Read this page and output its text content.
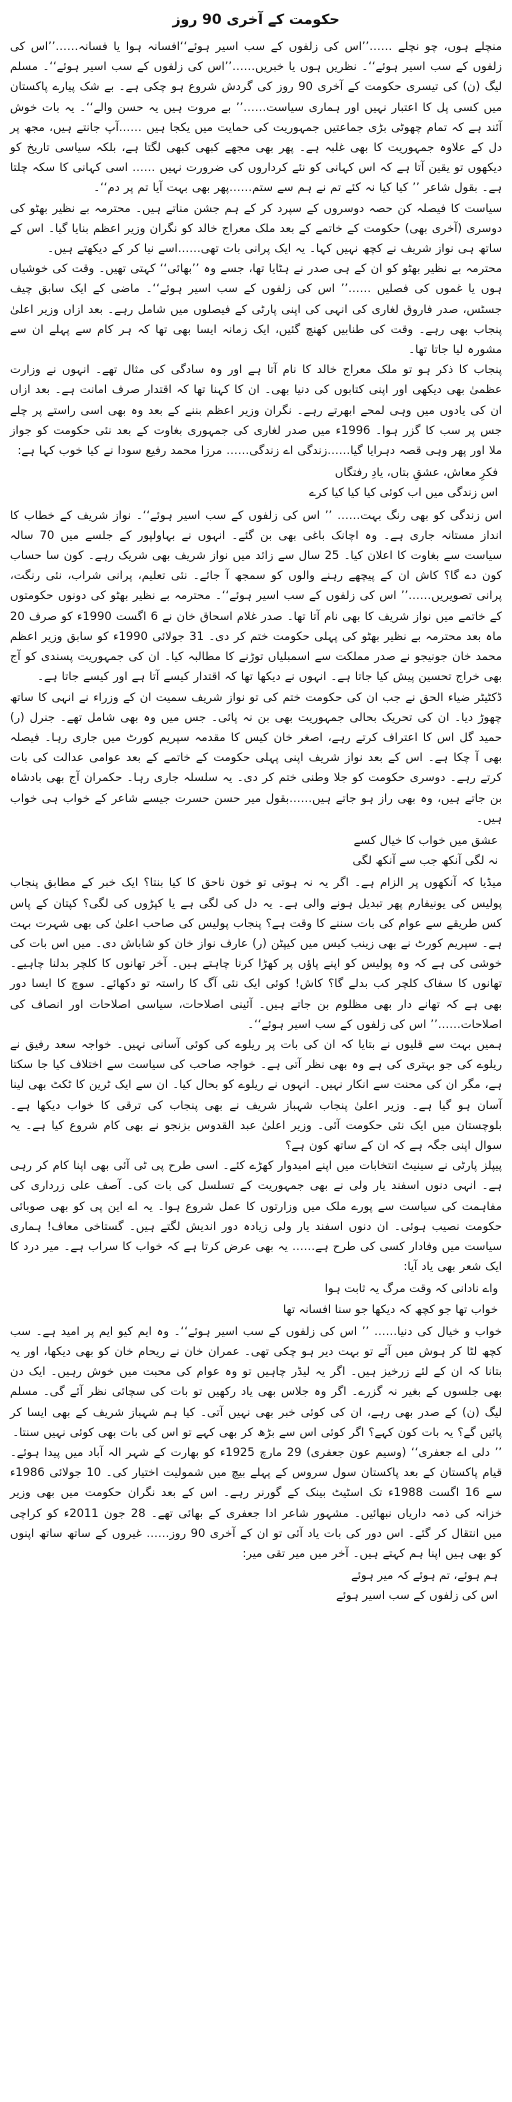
حکومت کے آخری 90 روز

منچلے ہوں، چو نچلے ……’’اس کی زلفوں کے سب اسیر ہوئے‘‘افسانہ ہوا یا فسانہ……’’اس کی زلفوں کے سب اسیر ہوئے‘‘۔ نظریں ہوں یا خبریں……’’اس کی زلفوں کے سب اسیر ہوئے‘‘۔ مسلم لیگ (ن) کی تیسری حکومت کے آخری 90 روز کی گردش شروع ہو چکی ہے۔ بے شک پیارے پاکستان میں کسی پل کا اعتبار نہیں اور ہماری سیاست……’’ بے مروت ہیں یہ حسن والے‘‘۔ یہ بات خوش آئند ہے کہ تمام چھوٹی بڑی جماعتیں جمہوریت کی حمایت میں یکجا ہیں ……آپ جانتے ہیں، مجھ پر دل کے علاوہ جمہوریت کا بھی غلبہ ہے۔ پھر بھی مجھے کبھی کبھی لگتا ہے، بلکہ سیاسی تاریخ کو دیکھوں تو یقین آتا ہے کہ اس کہانی کو نئے کرداروں کی ضرورت نہیں …… اسی کہانی کا سکہ چلتا ہے۔ بقول شاعر ’’ کیا کیا نہ کئے تم نے ہم سے ستم……پھر بھی بہت آیا تم پر دم‘‘۔

سیاست کا فیصلہ کن حصہ دوسروں کے سپرد کر کے ہم جشن مناتے ہیں۔ محترمہ بے نظیر بھٹو کی دوسری (آخری بھی) حکومت کے خاتمے کے بعد ملک معراج خالد کو نگران وزیر اعظم بنایا گیا۔ اس کے ساتھ ہی نواز شریف نے کچھ نہیں کہا۔ یہ ایک پرانی بات تھی……اسے نیا کر کے دیکھتے ہیں۔

محترمہ بے نظیر بھٹو کو ان کے ہی صدر نے ہٹایا تھا، جسے وہ ’’بھائی‘‘ کہتی تھیں۔ وقت کی خوشیاں ہوں یا غموں کی فصلیں ……’’ اس کی زلفوں کے سب اسیر ہوئے‘‘۔ ماضی کے ایک سابق چیف جسٹس، صدر فاروق لغاری کی انہی کی اپنی پارٹی کے فیصلوں میں شامل رہے۔ بعد ازاں وزیر اعلیٰ پنجاب بھی رہے۔ وقت کی طنابیں کھنچ گئیں، ایک زمانہ ایسا بھی تھا کہ ہر کام سے پہلے ان سے مشورہ لیا جاتا تھا۔

پنجاب کا ذکر ہو تو ملک معراج خالد کا نام آتا ہے اور وہ سادگی کی مثال تھے۔ انہوں نے وزارت عظمیٰ بھی دیکھی اور اپنی کتابوں کی دنیا بھی۔ ان کا کہنا تھا کہ اقتدار صرف امانت ہے۔ بعد ازاں ان کی یادوں میں وہی لمحے ابھرتے رہے۔ نگران وزیر اعظم بننے کے بعد وہ بھی اسی راستے پر چلے جس پر سب کا گزر ہوا۔ 1996ء میں صدر لغاری کی جمہوری بغاوت کے بعد نئی حکومت کو جواز ملا اور پھر وہی قصہ دہرایا گیا……زندگی اے زندگی…… مرزا محمد رفیع سودا نے کیا خوب کہا ہے:

فکرِ معاش، عشقِ بتاں، یادِ رفتگاں

اس زندگی میں اب کوئی کیا کیا کیا کرے

اس زندگی کو بھی رنگ بہت…… ’’ اس کی زلفوں کے سب اسیر ہوئے‘‘۔ نواز شریف کے خطاب کا انداز مستانہ جاری ہے۔ وہ اچانک باغی بھی بن گئے۔ انہوں نے بہاولپور کے جلسے میں 70 سالہ سیاست سے بغاوت کا اعلان کیا۔ 25 سال سے زائد میں نواز شریف بھی شریک رہے۔ کون سا حساب کون دے گا؟ کاش ان کے پیچھے رہنے والوں کو سمجھ آ جائے۔ نئی تعلیم، پرانی شراب، نئی رنگت، پرانی تصویریں……’’ اس کی زلفوں کے سب اسیر ہوئے‘‘۔ محترمہ بے نظیر بھٹو کی دونوں حکومتوں کے خاتمے میں نواز شریف کا بھی نام آتا تھا۔ صدر غلام اسحاق خان نے 6 اگست 1990ء کو صرف 20 ماہ بعد محترمہ بے نظیر بھٹو کی پہلی حکومت ختم کر دی۔ 31 جولائی 1990ء کو سابق وزیر اعظم محمد خان جونیجو نے صدر مملکت سے اسمبلیاں توڑنے کا مطالبہ کیا۔ ان کی جمہوریت پسندی کو آج بھی خراج تحسین پیش کیا جاتا ہے۔ انہوں نے دیکھا تھا کہ اقتدار کیسے آتا ہے اور کیسے جاتا ہے۔

ڈکٹیٹر ضیاء الحق نے جب ان کی حکومت ختم کی تو نواز شریف سمیت ان کے وزراء نے انہی کا ساتھ چھوڑ دیا۔ ان کی تحریک بحالی جمہوریت بھی بن نہ پائی۔ جس میں وہ بھی شامل تھے۔ جنرل (ر) حمید گل اس کا اعتراف کرتے رہے، اصغر خان کیس کا مقدمہ سپریم کورٹ میں جاری رہا۔ فیصلہ بھی آ چکا ہے۔ اس کے بعد نواز شریف اپنی پہلی حکومت کے خاتمے کے بعد عوامی عدالت کی بات کرتے رہے۔ دوسری حکومت کو جلا وطنی ختم کر دی۔ یہ سلسلہ جاری رہا۔ حکمران آج بھی بادشاہ بن جاتے ہیں، وہ بھی راز ہو جاتے ہیں……بقول میر حسن حسرت جیسے شاعر کے خواب ہی خواب ہیں۔

عشق میں خواب کا خیال کسے

نہ لگی آنکھ جب سے آنکھ لگی

میڈیا کہ آنکھوں پر الزام ہے۔ اگر یہ نہ ہوتی تو خون ناحق کا کیا بنتا؟ ایک خبر کے مطابق پنجاب پولیس کی یونیفارم پھر تبدیل ہونے والی ہے۔ یہ دل کی لگی ہے یا کپڑوں کی لگی؟ کپتان کے پاس کس طریقے سے عوام کی بات سننے کا وقت ہے؟ پنجاب پولیس کی صاحب اعلیٰ کی بھی شہرت بہت ہے۔ سپریم کورٹ نے بھی زینب کیس میں کیپٹن (ر) عارف نواز خان کو شاباش دی۔ میں اس بات کی خوشی کی ہے کہ وہ پولیس کو اپنے پاؤں پر کھڑا کرنا چاہتے ہیں۔ آخر تھانوں کا کلچر بدلنا چاہیے۔ تھانوں کا سفاک کلچر کب بدلے گا؟ کاش! کوئی ایک نئی آگ کا راستہ تو دکھائے۔ سوچ کا ایسا دور بھی ہے کہ تھانے دار بھی مظلوم بن جاتے ہیں۔ آئینی اصلاحات، سیاسی اصلاحات اور انصاف کی اصلاحات……’’ اس کی زلفوں کے سب اسیر ہوئے‘‘۔

ہمیں بہت سے قلیوں نے بتایا کہ ان کی بات پر ریلوے کی کوئی آسانی نہیں۔ خواجہ سعد رفیق نے ریلوے کی جو بہتری کی ہے وہ بھی نظر آتی ہے۔ خواجہ صاحب کی سیاست سے اختلاف کیا جا سکتا ہے، مگر ان کی محنت سے انکار نہیں۔ انہوں نے ریلوے کو بحال کیا۔ ان سے ایک ٹرین کا ٹکٹ بھی لینا آسان ہو گیا ہے۔ وزیر اعلیٰ پنجاب شہباز شریف نے بھی پنجاب کی ترقی کا خواب دیکھا ہے۔ بلوچستان میں ایک نئی حکومت آئی۔ وزیر اعلیٰ عبد القدوس بزنجو نے بھی کام شروع کیا ہے۔ یہ سوال اپنی جگہ ہے کہ ان کے ساتھ کون ہے؟

پیپلز پارٹی نے سینیٹ انتخابات میں اپنے امیدوار کھڑے کئے۔ اسی طرح پی ٹی آئی بھی اپنا کام کر رہی ہے۔ انہی دنوں اسفند یار ولی نے بھی جمہوریت کے تسلسل کی بات کی۔ آصف علی زرداری کی مفاہمت کی سیاست سے پورے ملک میں وزارتوں کا عمل شروع ہوا۔ یہ اے این پی کو بھی صوبائی حکومت نصیب ہوئی۔ ان دنوں اسفند یار ولی زیادہ دور اندیش لگتے ہیں۔ گستاخی معاف! ہماری سیاست میں وفادار کسی کی طرح ہے…… یہ بھی عرض کرتا ہے کہ خواب کا سراب ہے۔ میر درد کا ایک شعر بھی یاد آیا:

واے نادانی کہ وقت مرگ یہ ثابت ہوا

خواب تھا جو کچھ کہ دیکھا جو سنا افسانہ تھا

خواب و خیال کی دنیا…… ’’ اس کی زلفوں کے سب اسیر ہوئے‘‘۔ وہ ایم کیو ایم پر امید ہے۔ سب کچھ لٹا کر ہوش میں آئے تو بہت دیر ہو چکی تھی۔ عمران خان نے ریحام خان کو بھی دیکھا، اور یہ بتانا کہ ان کے لئے زرخیز ہیں۔ اگر یہ لیڈر چاہیں تو وہ عوام کی محبت میں خوش رہیں۔ ایک دن بھی جلسوں کے بغیر نہ گزرے۔ اگر وہ جلاس بھی یاد رکھیں تو بات کی سچائی نظر آئے گی۔ مسلم لیگ (ن) کے صدر بھی رہے، ان کی کوئی خبر بھی نہیں آتی۔ کیا ہم شہباز شریف کے بھی ایسا کر پائیں گے؟ یہ بات کون کہے؟ اگر کوئی اس سے بڑھ کر بھی کہے تو اس کی بات بھی کوئی نہیں سنتا۔

’’ دلی اے جعفری‘‘ (وسیم عون جعفری) 29 مارچ 1925ء کو بھارت کے شہر الہ آباد میں پیدا ہوئے۔ قیام پاکستان کے بعد پاکستان سول سروس کے پہلے بیچ میں شمولیت اختیار کی۔ 10 جولائی 1986ء سے 16 اگست 1988ء تک اسٹیٹ بینک کے گورنر رہے۔ اس کے بعد نگران حکومت میں بھی وزیر خزانہ کی ذمہ داریاں نبھائیں۔ مشہور شاعر ادا جعفری کے بھائی تھے۔ 28 جون 2011ء کو کراچی میں انتقال کر گئے۔ اس دور کی بات یاد آئی تو ان کے آخری 90 روز…… غیروں کے ساتھ ساتھ اپنوں کو بھی ہیں اپنا ہم کہتے ہیں۔ آخر میں میر تقی میر:

ہم ہوئے، تم ہوئے کہ میر ہوئے

اس کی زلفوں کے سب اسیر ہوئے
